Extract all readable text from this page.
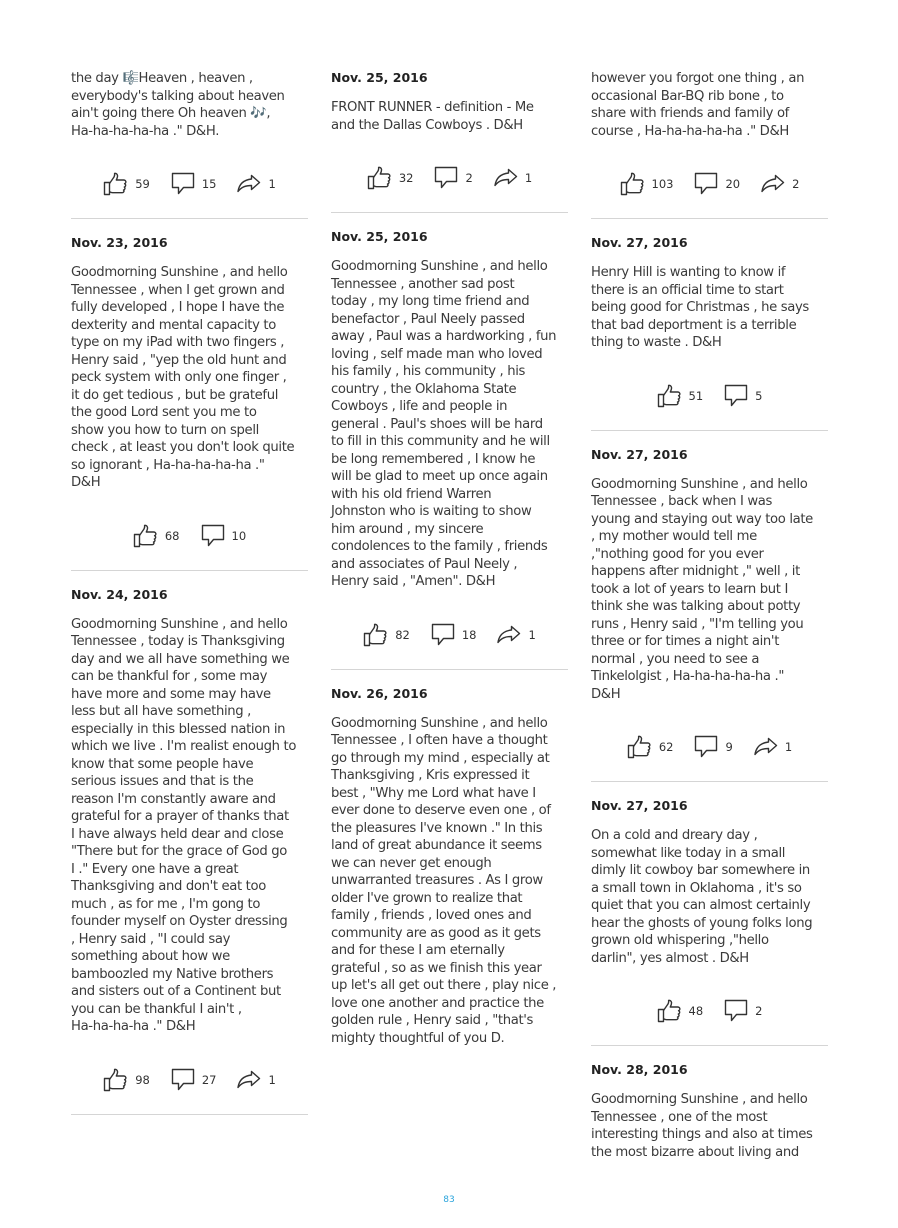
the day 🎼Heaven , heaven ,
everybody's talking about heaven
ain't going there Oh heaven 🎶,
Ha-ha-ha-ha-ha ." D&H.

59	15	1

Nov. 23, 2016

Goodmorning Sunshine , and hello
Tennessee , when I get grown and
fully developed , I hope I have the
dexterity and mental capacity to
type on my iPad with two fingers ,
Henry said , "yep the old hunt and
peck system with only one finger ,
it do get tedious , but be grateful
the good Lord sent you me to
show you how to turn on spell
check , at least you don't look quite
so ignorant , Ha-ha-ha-ha-ha ."
D&H

68	10

Nov. 24, 2016

Goodmorning Sunshine , and hello
Tennessee , today is Thanksgiving
day and we all have something we
can be thankful for , some may
have more and some may have
less but all have something ,
especially in this blessed nation in
which we live . I'm realist enough to
know that some people have
serious issues and that is the
reason I'm constantly aware and
grateful for a prayer of thanks that
I have always held dear and close
"There but for the grace of God go
I ." Every one have a great
Thanksgiving and don't eat too
much , as for me , I'm gong to
founder myself on Oyster dressing
, Henry said , "I could say
something about how we
bamboozled my Native brothers
and sisters out of a Continent but
you can be thankful I ain't ,
Ha-ha-ha-ha ." D&H

98	27	1

Nov. 25, 2016

FRONT RUNNER - definition - Me
and the Dallas Cowboys . D&H

32	2	1

Nov. 25, 2016

Goodmorning Sunshine , and hello
Tennessee , another sad post
today , my long time friend and
benefactor , Paul Neely passed
away , Paul was a hardworking , fun
loving , self made man who loved
his family , his community , his
country , the Oklahoma State
Cowboys , life and people in
general . Paul's shoes will be hard
to fill in this community and he will
be long remembered , I know he
will be glad to meet up once again
with his old friend Warren
Johnston who is waiting to show
him around , my sincere
condolences to the family , friends
and associates of Paul Neely ,
Henry said , "Amen". D&H

82	18	1

Nov. 26, 2016

Goodmorning Sunshine , and hello
Tennessee , I often have a thought
go through my mind , especially at
Thanksgiving , Kris expressed it
best , "Why me Lord what have I
ever done to deserve even one , of
the pleasures I've known ." In this
land of great abundance it seems
we can never get enough
unwarranted treasures . As I grow
older I've grown to realize that
family , friends , loved ones and
community are as good as it gets
and for these I am eternally
grateful , so as we finish this year
up let's all get out there , play nice ,
love one another and practice the
golden rule , Henry said , "that's
mighty thoughtful of you D.

however you forgot one thing , an
occasional Bar-BQ rib bone , to
share with friends and family of
course , Ha-ha-ha-ha-ha ." D&H

103	20	2

Nov. 27, 2016

Henry Hill is wanting to know if
there is an official time to start
being good for Christmas , he says
that bad deportment is a terrible
thing to waste . D&H

51	5

Nov. 27, 2016

Goodmorning Sunshine , and hello
Tennessee , back when I was
young and staying out way too late
, my mother would tell me
,"nothing good for you ever
happens after midnight ," well , it
took a lot of years to learn but I
think she was talking about potty
runs , Henry said , "I'm telling you
three or for times a night ain't
normal , you need to see a
Tinkelolgist , Ha-ha-ha-ha-ha ."
D&H

62	9	1

Nov. 27, 2016

On a cold and dreary day ,
somewhat like today in a small
dimly lit cowboy bar somewhere in
a small town in Oklahoma , it's so
quiet that you can almost certainly
hear the ghosts of young folks long
grown old whispering ,"hello
darlin", yes almost . D&H

48	2

Nov. 28, 2016

Goodmorning Sunshine , and hello
Tennessee , one of the most
interesting things and also at times
the most bizarre about living and

83
